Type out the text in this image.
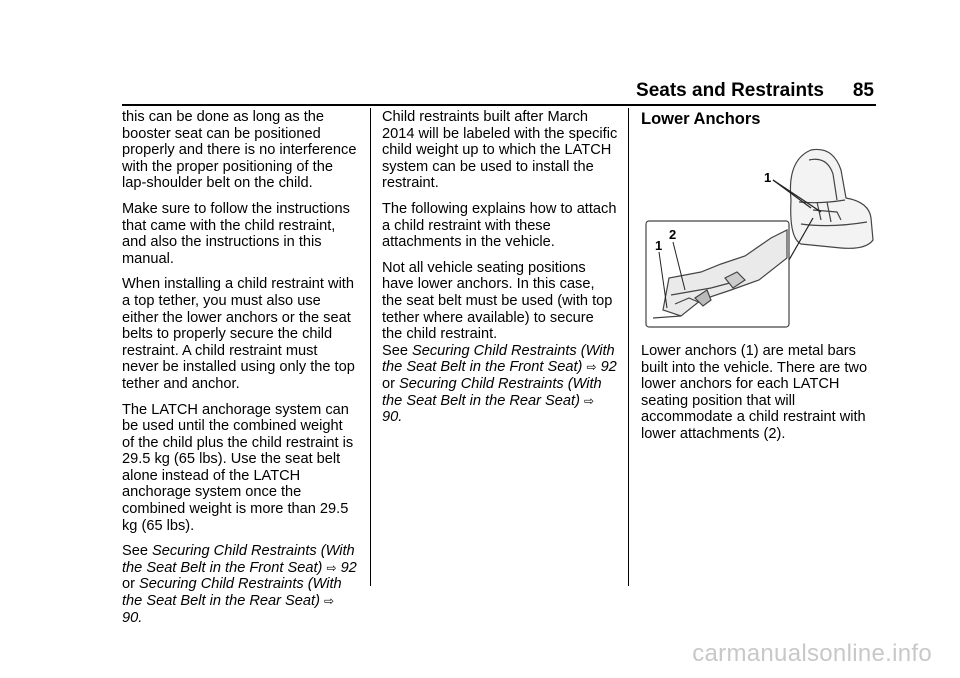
Seats and Restraints 85

this can be done as long as the booster seat can be positioned properly and there is no interference with the proper positioning of the lap-shoulder belt on the child.

Make sure to follow the instructions that came with the child restraint, and also the instructions in this manual.

When installing a child restraint with a top tether, you must also use either the lower anchors or the seat belts to properly secure the child restraint. A child restraint must never be installed using only the top tether and anchor.

The LATCH anchorage system can be used until the combined weight of the child plus the child restraint is 29.5 kg (65 lbs). Use the seat belt alone instead of the LATCH anchorage system once the combined weight is more than 29.5 kg (65 lbs).

See Securing Child Restraints (With the Seat Belt in the Front Seat) ⇨ 92
or Securing Child Restraints (With the Seat Belt in the Rear Seat) ⇨ 90.

Child restraints built after March 2014 will be labeled with the specific child weight up to which the LATCH system can be used to install the restraint.

The following explains how to attach a child restraint with these attachments in the vehicle.

Not all vehicle seating positions have lower anchors. In this case, the seat belt must be used (with top tether where available) to secure the child restraint.
See Securing Child Restraints (With the Seat Belt in the Front Seat) ⇨ 92
or Securing Child Restraints (With the Seat Belt in the Rear Seat) ⇨ 90.

Lower Anchors
1
1
2

Lower anchors (1) are metal bars built into the vehicle. There are two lower anchors for each LATCH seating position that will accommodate a child restraint with lower attachments (2).

carmanualsonline.info
